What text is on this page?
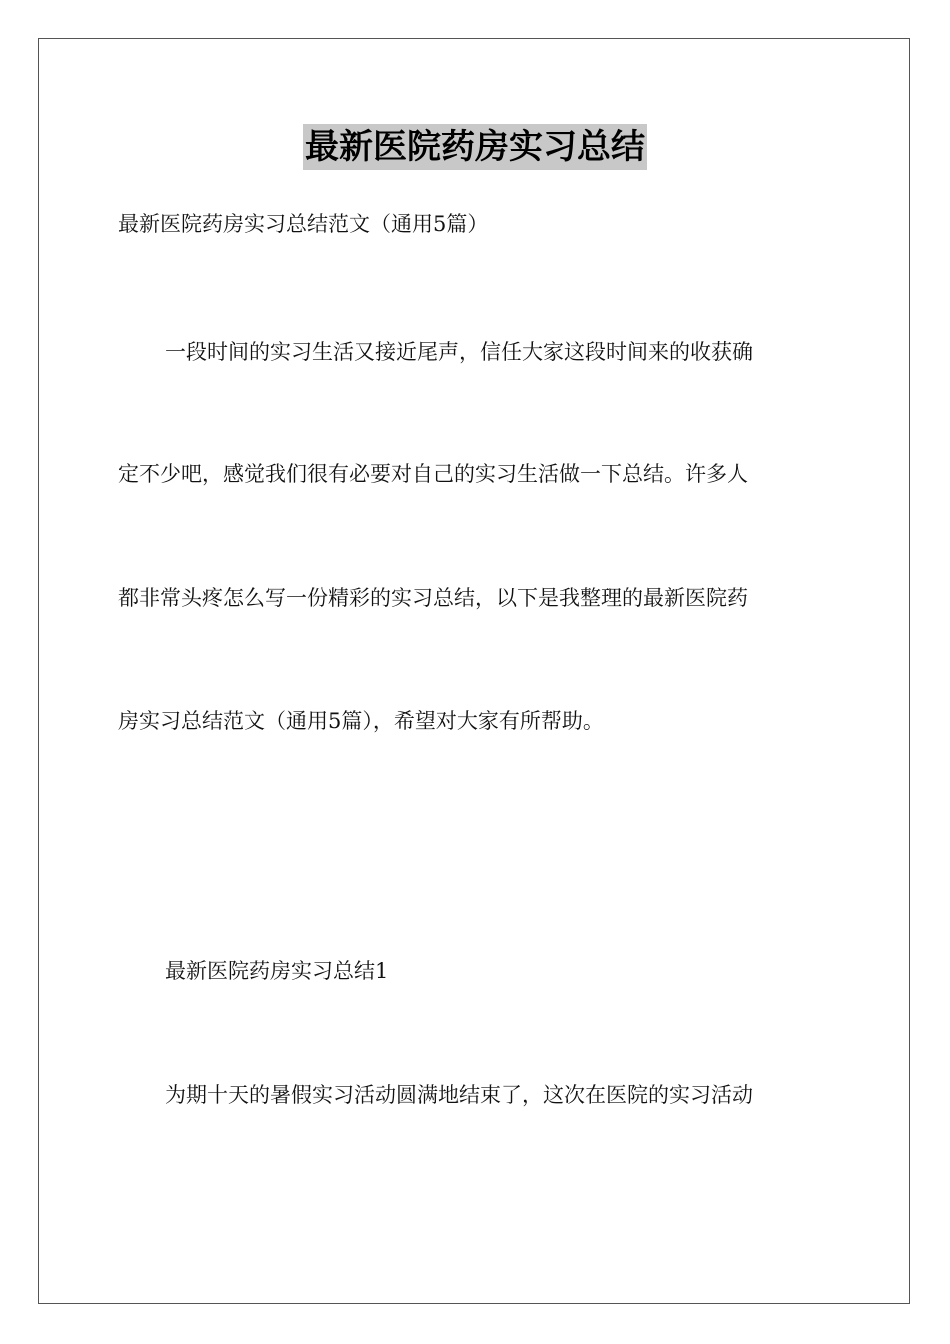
最新医院药房实习总结
最新医院药房实习总结范文（通用5篇）
一段时间的实习生活又接近尾声，信任大家这段时间来的收获确
定不少吧，感觉我们很有必要对自己的实习生活做一下总结。许多人
都非常头疼怎么写一份精彩的实习总结，以下是我整理的最新医院药
房实习总结范文（通用5篇），希望对大家有所帮助。
最新医院药房实习总结1
为期十天的暑假实习活动圆满地结束了，这次在医院的实习活动
